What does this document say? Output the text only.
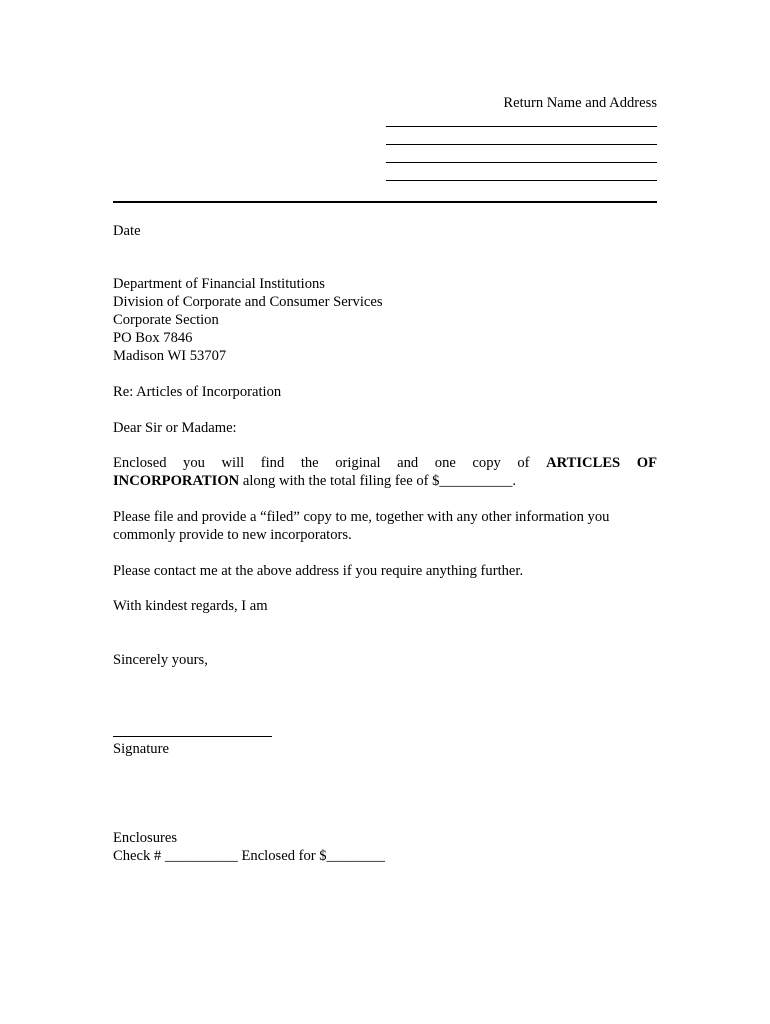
Return Name and Address
Date
Department of Financial Institutions
Division of Corporate and Consumer Services
Corporate Section
PO Box 7846
Madison WI 53707
Re: Articles of Incorporation
Dear Sir or Madame:
Enclosed you will find the original and one copy of ARTICLES OF
INCORPORATION along with the total filing fee of $__________.
Please file and provide a “filed” copy to me, together with any other information you commonly provide to new incorporators.
Please contact me at the above address if you require anything further.
With kindest regards, I am
Sincerely yours,
Signature
Enclosures
Check # __________ Enclosed for $________
